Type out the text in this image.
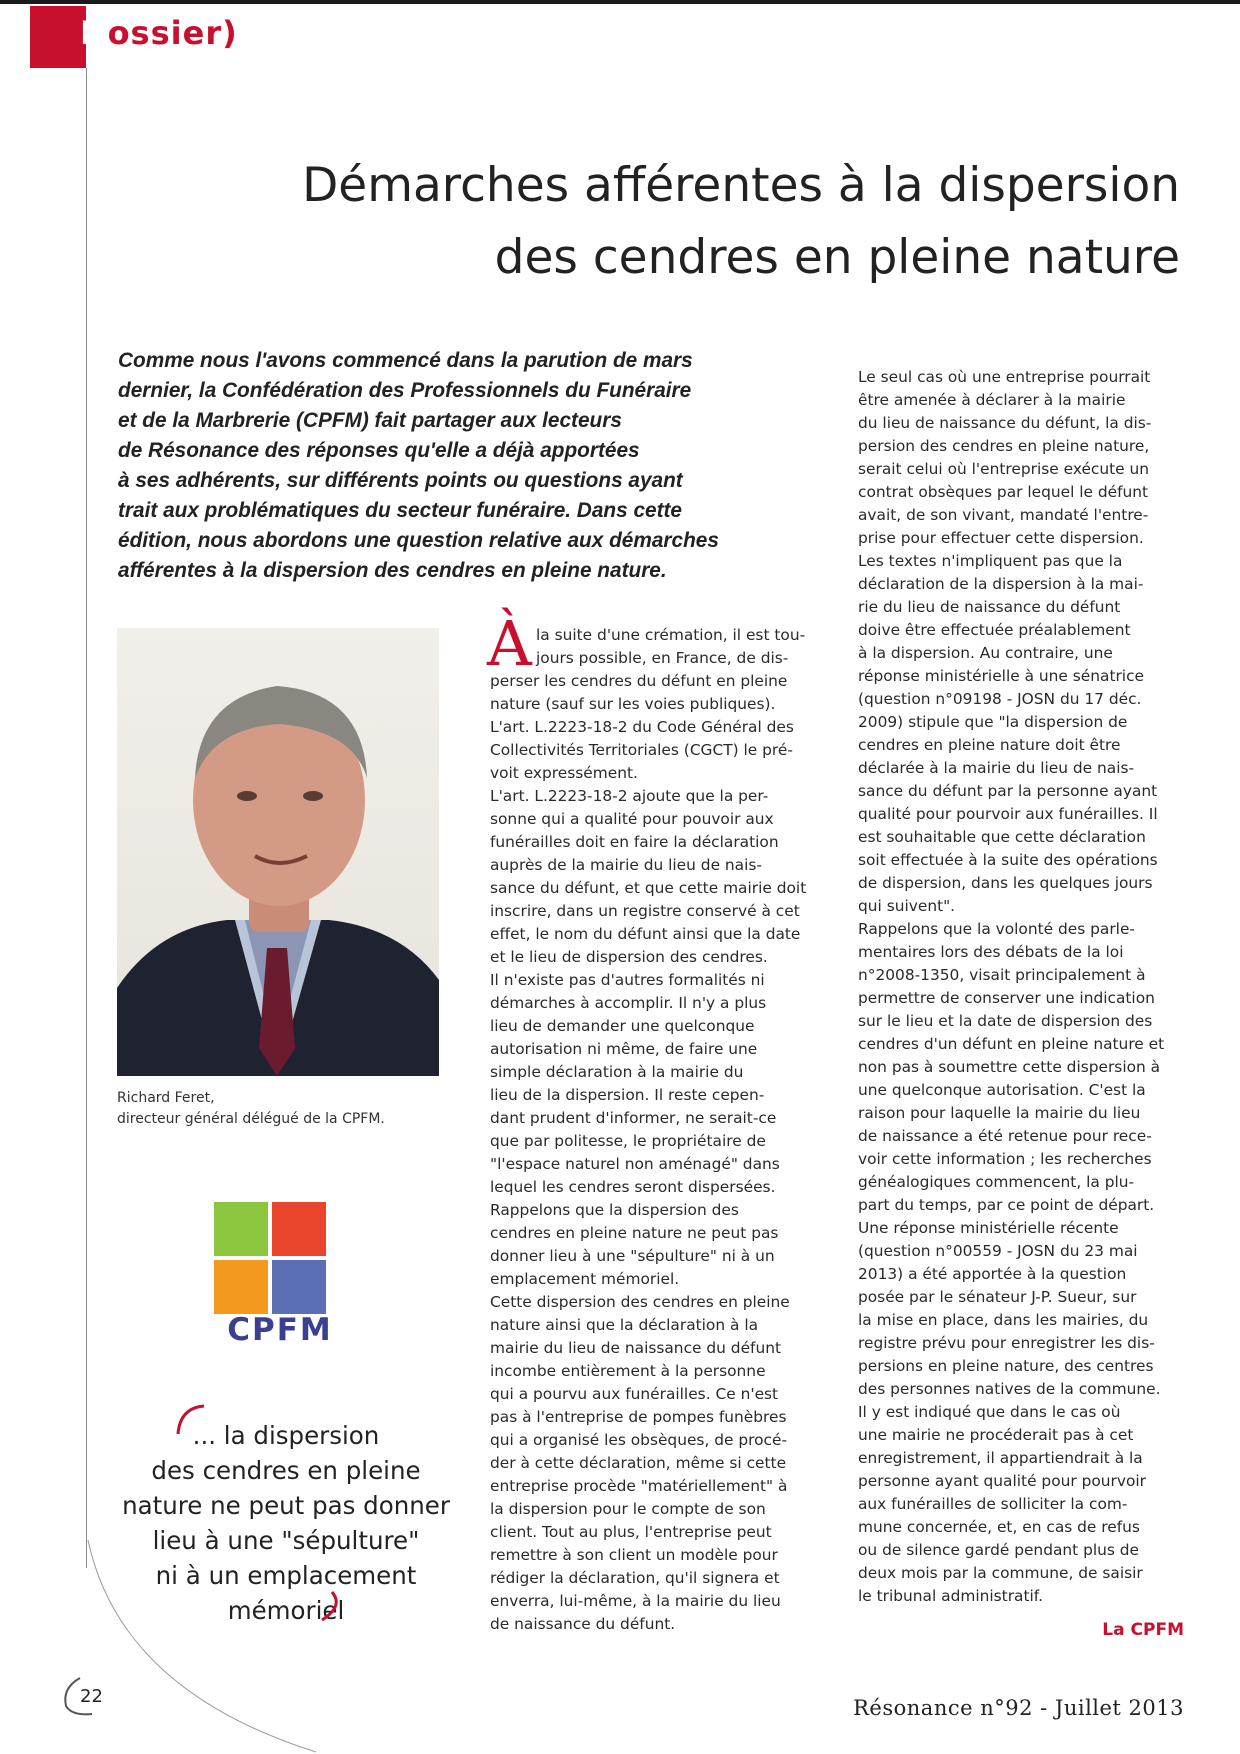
Dossier)
Démarches afférentes à la dispersion
des cendres en pleine nature
Comme nous l'avons commencé dans la parution de mars
dernier, la Confédération des Professionnels du Funéraire
et de la Marbrerie (CPFM) fait partager aux lecteurs
de Résonance des réponses qu'elle a déjà apportées
à ses adhérents, sur différents points ou questions ayant
trait aux problématiques du secteur funéraire. Dans cette
édition, nous abordons une question relative aux démarches
afférentes à la dispersion des cendres en pleine nature.
Richard Feret,
directeur général délégué de la CPFM.
CPFM
... la dispersion
des cendres en pleine
nature ne peut pas donner
lieu à une "sépulture"
ni à un emplacement
mémoriel
À la suite d'une crémation, il est tou-
jours possible, en France, de dis-
perser les cendres du défunt en pleine
nature (sauf sur les voies publiques).
L'art. L.2223-18-2 du Code Général des
Collectivités Territoriales (CGCT) le pré-
voit expressément.
L'art. L.2223-18-2 ajoute que la per-
sonne qui a qualité pour pouvoir aux
funérailles doit en faire la déclaration
auprès de la mairie du lieu de nais-
sance du défunt, et que cette mairie doit
inscrire, dans un registre conservé à cet
effet, le nom du défunt ainsi que la date
et le lieu de dispersion des cendres.
Il n'existe pas d'autres formalités ni
démarches à accomplir. Il n'y a plus
lieu de demander une quelconque
autorisation ni même, de faire une
simple déclaration à la mairie du
lieu de la dispersion. Il reste cepen-
dant prudent d'informer, ne serait-ce
que par politesse, le propriétaire de
"l'espace naturel non aménagé" dans
lequel les cendres seront dispersées.
Rappelons que la dispersion des
cendres en pleine nature ne peut pas
donner lieu à une "sépulture" ni à un
emplacement mémoriel.
Cette dispersion des cendres en pleine
nature ainsi que la déclaration à la
mairie du lieu de naissance du défunt
incombe entièrement à la personne
qui a pourvu aux funérailles. Ce n'est
pas à l'entreprise de pompes funèbres
qui a organisé les obsèques, de procé-
der à cette déclaration, même si cette
entreprise procède "matériellement" à
la dispersion pour le compte de son
client. Tout au plus, l'entreprise peut
remettre à son client un modèle pour
rédiger la déclaration, qu'il signera et
enverra, lui-même, à la mairie du lieu
de naissance du défunt.
Le seul cas où une entreprise pourrait
être amenée à déclarer à la mairie
du lieu de naissance du défunt, la dis-
persion des cendres en pleine nature,
serait celui où l'entreprise exécute un
contrat obsèques par lequel le défunt
avait, de son vivant, mandaté l'entre-
prise pour effectuer cette dispersion.
Les textes n'impliquent pas que la
déclaration de la dispersion à la mai-
rie du lieu de naissance du défunt
doive être effectuée préalablement
à la dispersion. Au contraire, une
réponse ministérielle à une sénatrice
(question n°09198 - JOSN du 17 déc.
2009) stipule que "la dispersion de
cendres en pleine nature doit être
déclarée à la mairie du lieu de nais-
sance du défunt par la personne ayant
qualité pour pourvoir aux funérailles. Il
est souhaitable que cette déclaration
soit effectuée à la suite des opérations
de dispersion, dans les quelques jours
qui suivent".
Rappelons que la volonté des parle-
mentaires lors des débats de la loi
n°2008-1350, visait principalement à
permettre de conserver une indication
sur le lieu et la date de dispersion des
cendres d'un défunt en pleine nature et
non pas à soumettre cette dispersion à
une quelconque autorisation. C'est la
raison pour laquelle la mairie du lieu
de naissance a été retenue pour rece-
voir cette information ; les recherches
généalogiques commencent, la plu-
part du temps, par ce point de départ.
Une réponse ministérielle récente
(question n°00559 - JOSN du 23 mai
2013) a été apportée à la question
posée par le sénateur J-P. Sueur, sur
la mise en place, dans les mairies, du
registre prévu pour enregistrer les dis-
persions en pleine nature, des centres
des personnes natives de la commune.
Il y est indiqué que dans le cas où
une mairie ne procéderait pas à cet
enregistrement, il appartiendrait à la
personne ayant qualité pour pourvoir
aux funérailles de solliciter la com-
mune concernée, et, en cas de refus
ou de silence gardé pendant plus de
deux mois par la commune, de saisir
le tribunal administratif.
La CPFM
22	Résonance n°92 - Juillet 2013
